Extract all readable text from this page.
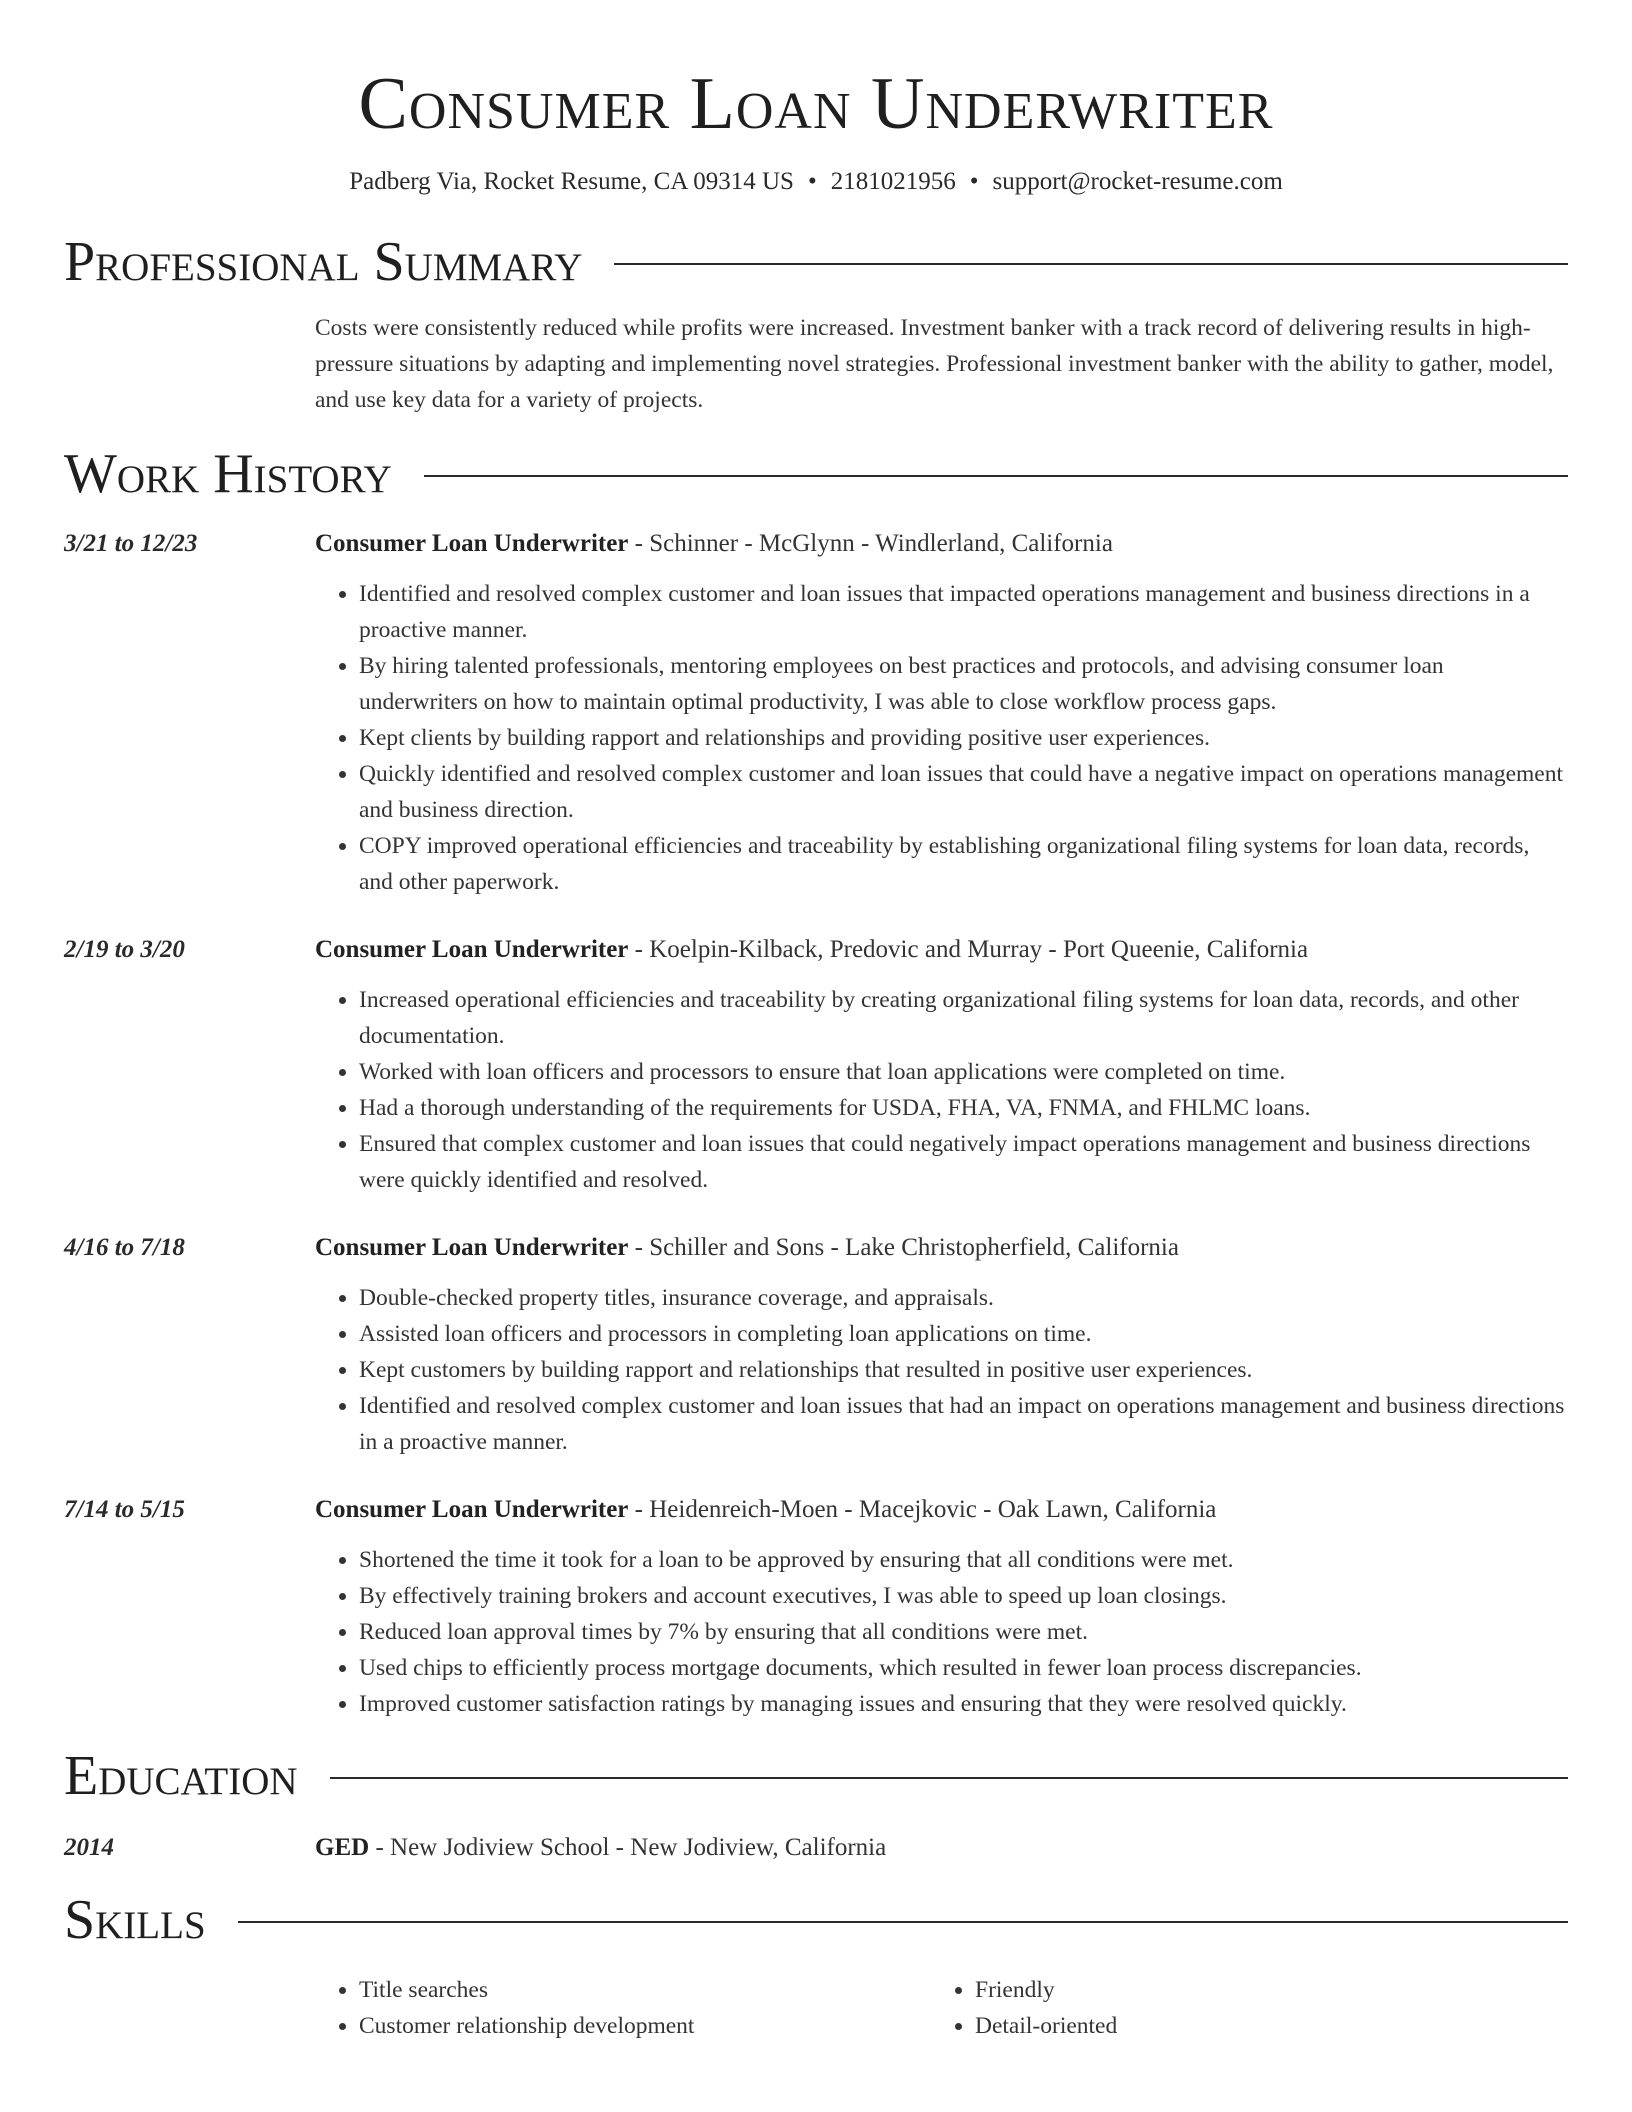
Consumer Loan Underwriter
Padberg Via, Rocket Resume, CA 09314 US • 2181021956 • support@rocket-resume.com
Professional Summary
Costs were consistently reduced while profits were increased. Investment banker with a track record of delivering results in high-pressure situations by adapting and implementing novel strategies. Professional investment banker with the ability to gather, model, and use key data for a variety of projects.
Work History
3/21 to 12/23	Consumer Loan Underwriter - Schinner - McGlynn - Windlerland, California
• Identified and resolved complex customer and loan issues that impacted operations management and business directions in a proactive manner.
• By hiring talented professionals, mentoring employees on best practices and protocols, and advising consumer loan underwriters on how to maintain optimal productivity, I was able to close workflow process gaps.
• Kept clients by building rapport and relationships and providing positive user experiences.
• Quickly identified and resolved complex customer and loan issues that could have a negative impact on operations management and business direction.
• COPY improved operational efficiencies and traceability by establishing organizational filing systems for loan data, records, and other paperwork.
2/19 to 3/20	Consumer Loan Underwriter - Koelpin-Kilback, Predovic and Murray - Port Queenie, California
• Increased operational efficiencies and traceability by creating organizational filing systems for loan data, records, and other documentation.
• Worked with loan officers and processors to ensure that loan applications were completed on time.
• Had a thorough understanding of the requirements for USDA, FHA, VA, FNMA, and FHLMC loans.
• Ensured that complex customer and loan issues that could negatively impact operations management and business directions were quickly identified and resolved.
4/16 to 7/18	Consumer Loan Underwriter - Schiller and Sons - Lake Christopherfield, California
• Double-checked property titles, insurance coverage, and appraisals.
• Assisted loan officers and processors in completing loan applications on time.
• Kept customers by building rapport and relationships that resulted in positive user experiences.
• Identified and resolved complex customer and loan issues that had an impact on operations management and business directions in a proactive manner.
7/14 to 5/15	Consumer Loan Underwriter - Heidenreich-Moen - Macejkovic - Oak Lawn, California
• Shortened the time it took for a loan to be approved by ensuring that all conditions were met.
• By effectively training brokers and account executives, I was able to speed up loan closings.
• Reduced loan approval times by 7% by ensuring that all conditions were met.
• Used chips to efficiently process mortgage documents, which resulted in fewer loan process discrepancies.
• Improved customer satisfaction ratings by managing issues and ensuring that they were resolved quickly.
Education
2014	GED - New Jodiview School - New Jodiview, California
Skills
• Title searches
• Customer relationship development
• Friendly
• Detail-oriented
